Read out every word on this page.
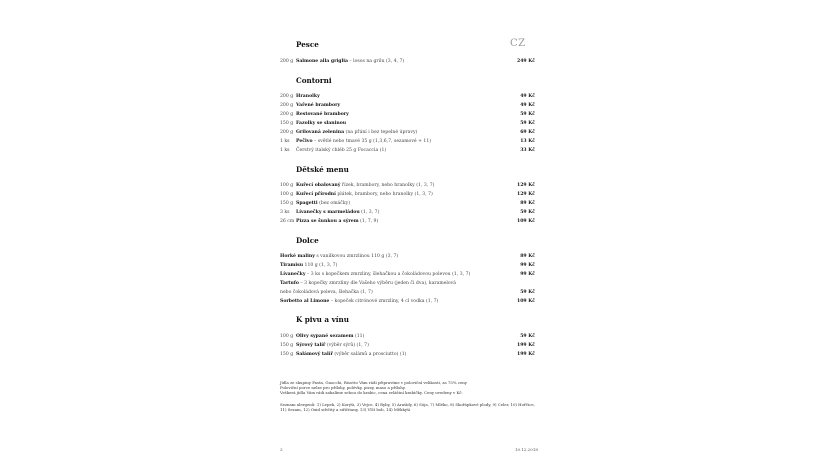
CZ
Pesce
200 g Salmone alla griglia – losos na grilu (3, 4, 7)	249 Kč
Contorni
200 g Hranolky	49 Kč
200 g Vařené brambory	49 Kč
200 g Restované brambory	59 Kč
150 g Fazolky se slaninou	59 Kč
200 g Grilovaná zelenina (na přání i bez tepelné úpravy)	69 Kč
1 ks Pečivo – světlé nebo tmavé 35 g (1,3,6,7, sezamové + 11)	13 Kč
1 ks Čerstvý italský chléb 25 g Focaccia (1)	33 Kč
Dětské menu
100 g Kuřecí obalovaný řízek, brambory, nebo hranolky (1, 3, 7)	129 Kč
100 g Kuřecí přírodní plátek, brambory, nebo hranolky (1, 3, 7)	129 Kč
150 g Spagetti (bez omáčky)	89 Kč
3 ks Lívanečky s marmeládou (1, 3, 7)	59 Kč
26 cm Pizza se šunkou a sýrem (1, 7, 9)	109 Kč
Dolce
Horké maliny s vanilkovou zmrzlinou 110 g (3, 7)	89 Kč
Tiramisu 110 g (1, 3, 7)	99 Kč
Lívanečky – 3 ks s kopečkem zmrzliny, šlehačkou a čokoládovou polevou (1, 3, 7)	99 Kč
Tartufo – 3 kopečky zmrzliny dle Vašeho výběru (jeden či dva), karamelová
nebo čokoládová poleva, šlehačka (1, 7)	59 Kč
Sorbetto al Limone – kopeček citrónové zmrzliny, 4 cl vodka (1, 7)	109 Kč
K pivu a vínu
100 g Olivy sypané sezamem (11)	59 Kč
150 g Sýrový talíř (výběr sýrů) (1, 7)	199 Kč
150 g Salámový talíř (výběr salámů a prosciutto) (1)	199 Kč
Jídla ze skupiny Pasta, Gnocchi, Risotto Vám rádi připravíme v poloviční velikosti, za 75% ceny
Poloviční porce nelze pro přílohy, polévky, pizzy, maso a přílohy.
Veškerá jídla Vám rádi zabalíme sebou do krabic, cena zvláštní krabičky. Ceny uvedeny v Kč.
Seznam alergenů: 1) Lepek, 2) Korýši, 3) Vejce, 4) Ryby, 5) Arašídy, 6) Sója, 7) Mléko, 8) Skořápkové plody, 9) Celer, 10) Hořčice,
11) Sezam, 12) Oxid siřičitý a siřičitany, 13) Vlčí bob, 14) Měkkýši
3	10.12.2018
